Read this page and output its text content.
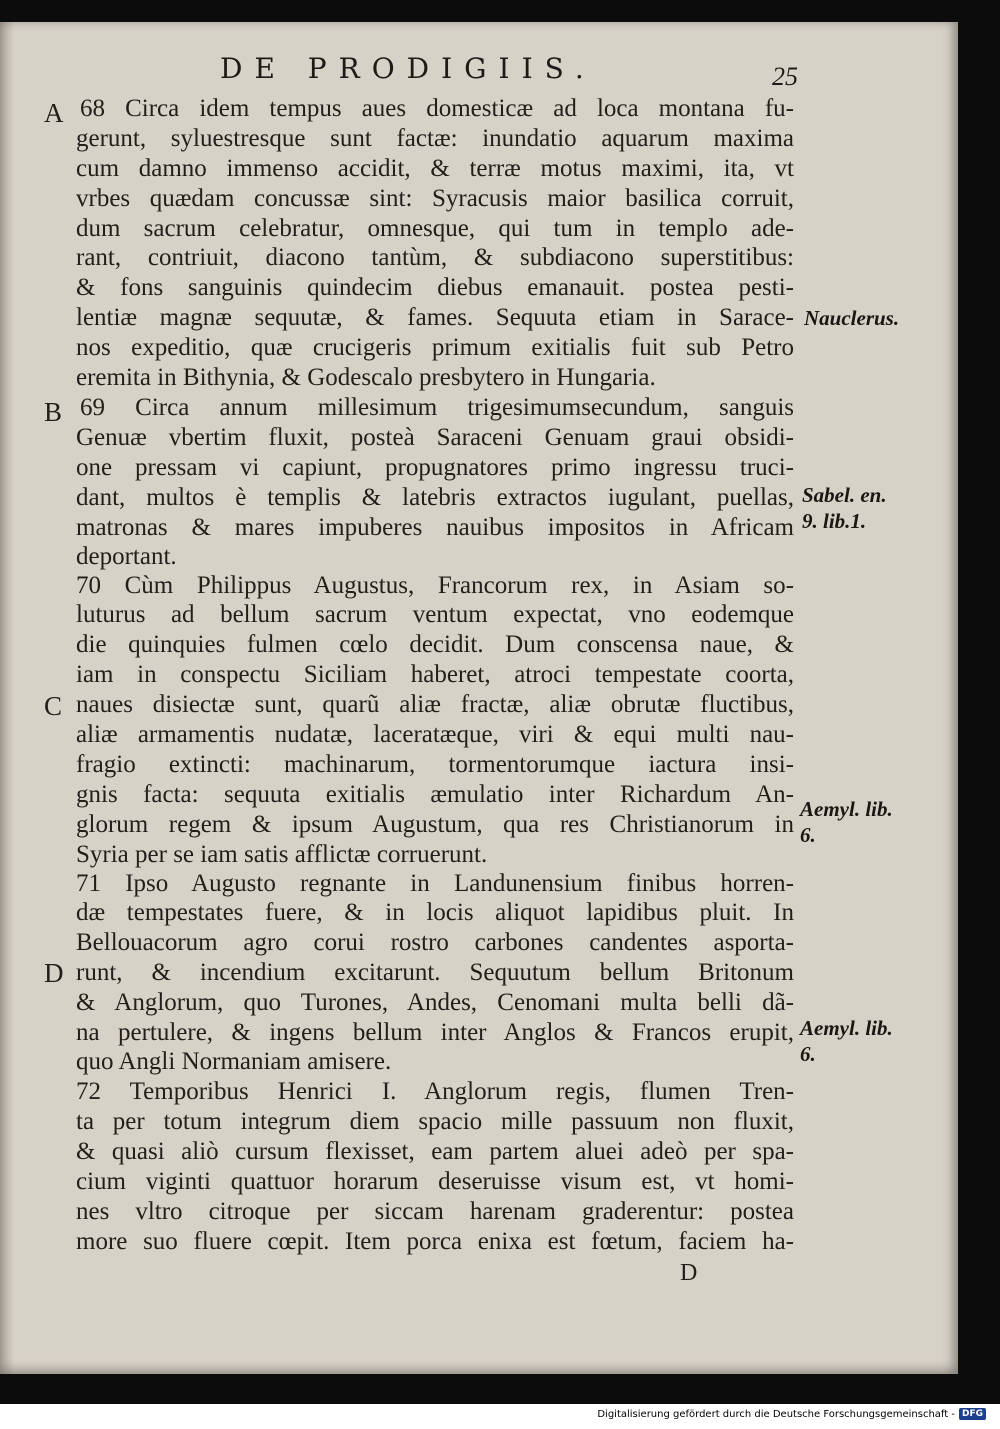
DE PRODIGIIS.	25
A
B
C
D
68 Circa idem tempus aues domesticæ ad loca montana fu-
gerunt, syluestresque sunt factæ: inundatio aquarum maxima
cum damno immenso accidit, & terræ motus maximi, ita, vt
vrbes quædam concussæ sint: Syracusis maior basilica corruit,
dum sacrum celebratur, omnesque, qui tum in templo ade-
rant, contriuit, diacono tantùm, & subdiacono superstitibus:
& fons sanguinis quindecim diebus emanauit. postea pesti-
lentiæ magnæ sequutæ, & fames. Sequuta etiam in Sarace-
nos expeditio, quæ crucigeris primum exitialis fuit sub Petro
eremita in Bithynia, & Godescalo presbytero in Hungaria.
69 Circa annum millesimum trigesimumsecundum, sanguis
Genuæ vbertim fluxit, posteà Saraceni Genuam graui obsidi-
one pressam vi capiunt, propugnatores primo ingressu truci-
dant, multos è templis & latebris extractos iugulant, puellas,
matronas & mares impuberes nauibus impositos in Africam
deportant.
70 Cùm Philippus Augustus, Francorum rex, in Asiam so-
luturus ad bellum sacrum ventum expectat, vno eodemque
die quinquies fulmen cœlo decidit. Dum conscensa naue, &
iam in conspectu Siciliam haberet, atroci tempestate coorta,
naues disiectæ sunt, quarũ aliæ fractæ, aliæ obrutæ fluctibus,
aliæ armamentis nudatæ, laceratæque, viri & equi multi nau-
fragio extincti: machinarum, tormentorumque iactura insi-
gnis facta: sequuta exitialis æmulatio inter Richardum An-
glorum regem & ipsum Augustum, qua res Christianorum in
Syria per se iam satis afflictæ corruerunt.
71 Ipso Augusto regnante in Landunensium finibus horren-
dæ tempestates fuere, & in locis aliquot lapidibus pluit. In
Bellouacorum agro corui rostro carbones candentes asporta-
runt, & incendium excitarunt. Sequutum bellum Britonum
& Anglorum, quo Turones, Andes, Cenomani multa belli dã-
na pertulere, & ingens bellum inter Anglos & Francos erupit,
quo Angli Normaniam amisere.
72 Temporibus Henrici I. Anglorum regis, flumen Tren-
ta per totum integrum diem spacio mille passuum non fluxit,
& quasi aliò cursum flexisset, eam partem aluei adeò per spa-
cium viginti quattuor horarum deseruisse visum est, vt homi-
nes vltro citroque per siccam harenam graderentur: postea
more suo fluere cœpit. Item porca enixa est fœtum, faciem ha-
Nauclerus.
Sabel. en.
9. lib.1.
Aemyl. lib.
6.
Aemyl. lib.
6.
D
Digitalisierung gefördert durch die Deutsche Forschungsgemeinschaft - DFG
